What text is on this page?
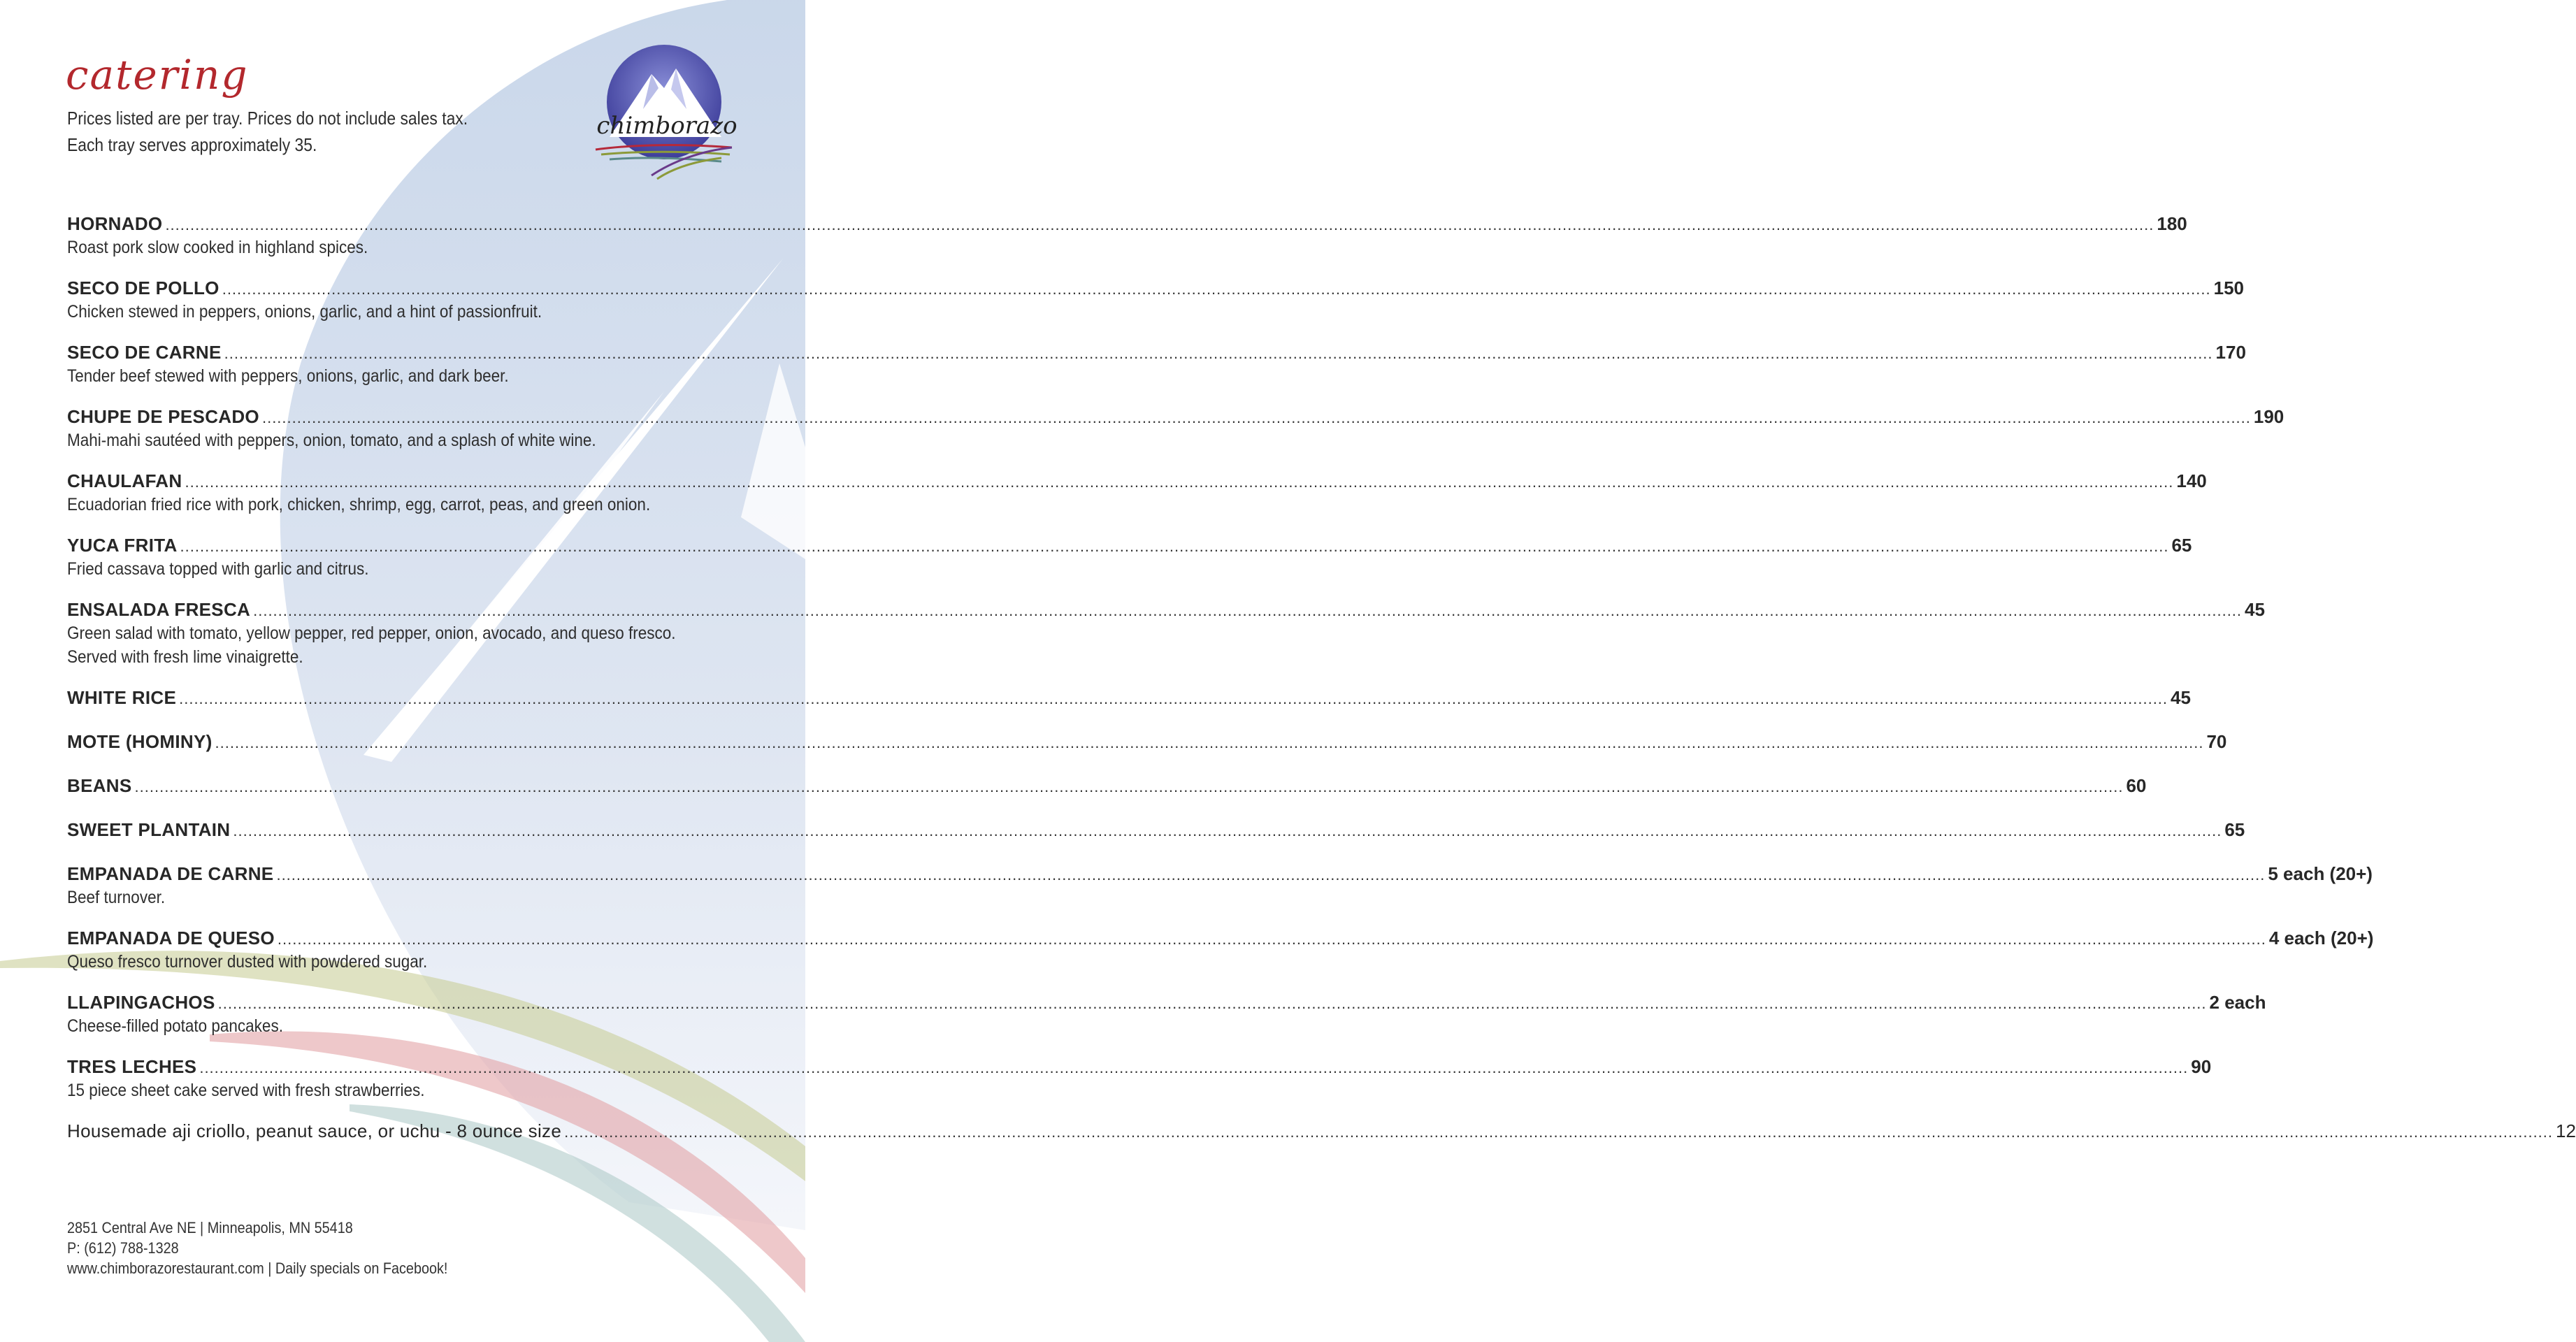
catering
Prices listed are per tray. Prices do not include sales tax.
Each tray serves approximately 35.
chimborazo
HORNADO ................................................................................................................................................................................................................................................................................................................................................................................................................ 180
Roast pork slow cooked in highland spices.
SECO DE POLLO ................................................................................................................................................................................................................................................................................................................................................................................................................ 150
Chicken stewed in peppers, onions, garlic, and a hint of passionfruit.
SECO DE CARNE ................................................................................................................................................................................................................................................................................................................................................................................................................ 170
Tender beef stewed with peppers, onions, garlic, and dark beer.
CHUPE DE PESCADO ................................................................................................................................................................................................................................................................................................................................................................................................................ 190
Mahi-mahi sautéed with peppers, onion, tomato, and a splash of white wine.
CHAULAFAN ................................................................................................................................................................................................................................................................................................................................................................................................................ 140
Ecuadorian fried rice with pork, chicken, shrimp, egg, carrot, peas, and green onion.
YUCA FRITA ................................................................................................................................................................................................................................................................................................................................................................................................................ 65
Fried cassava topped with garlic and citrus.
ENSALADA FRESCA ................................................................................................................................................................................................................................................................................................................................................................................................................ 45
Green salad with tomato, yellow pepper, red pepper, onion, avocado, and queso fresco.
Served with fresh lime vinaigrette.
WHITE RICE ................................................................................................................................................................................................................................................................................................................................................................................................................ 45
MOTE (HOMINY) ................................................................................................................................................................................................................................................................................................................................................................................................................ 70
BEANS ................................................................................................................................................................................................................................................................................................................................................................................................................ 60
SWEET PLANTAIN ................................................................................................................................................................................................................................................................................................................................................................................................................ 65
EMPANADA DE CARNE ................................................................................................................................................................................................................................................................................................................................................................................................................ 5 each (20+)
Beef turnover.
EMPANADA DE QUESO ................................................................................................................................................................................................................................................................................................................................................................................................................ 4 each (20+)
Queso fresco turnover dusted with powdered sugar.
LLAPINGACHOS ................................................................................................................................................................................................................................................................................................................................................................................................................ 2 each
Cheese-filled potato pancakes.
TRES LECHES ................................................................................................................................................................................................................................................................................................................................................................................................................ 90
15 piece sheet cake served with fresh strawberries.
Housemade aji criollo, peanut sauce, or uchu - 8 ounce size ................................................................................................................................................................................................................................................................................................................................................................................................................ 12
2851 Central Ave NE | Minneapolis, MN 55418
P: (612) 788-1328
www.chimborazorestaurant.com | Daily specials on Facebook!
